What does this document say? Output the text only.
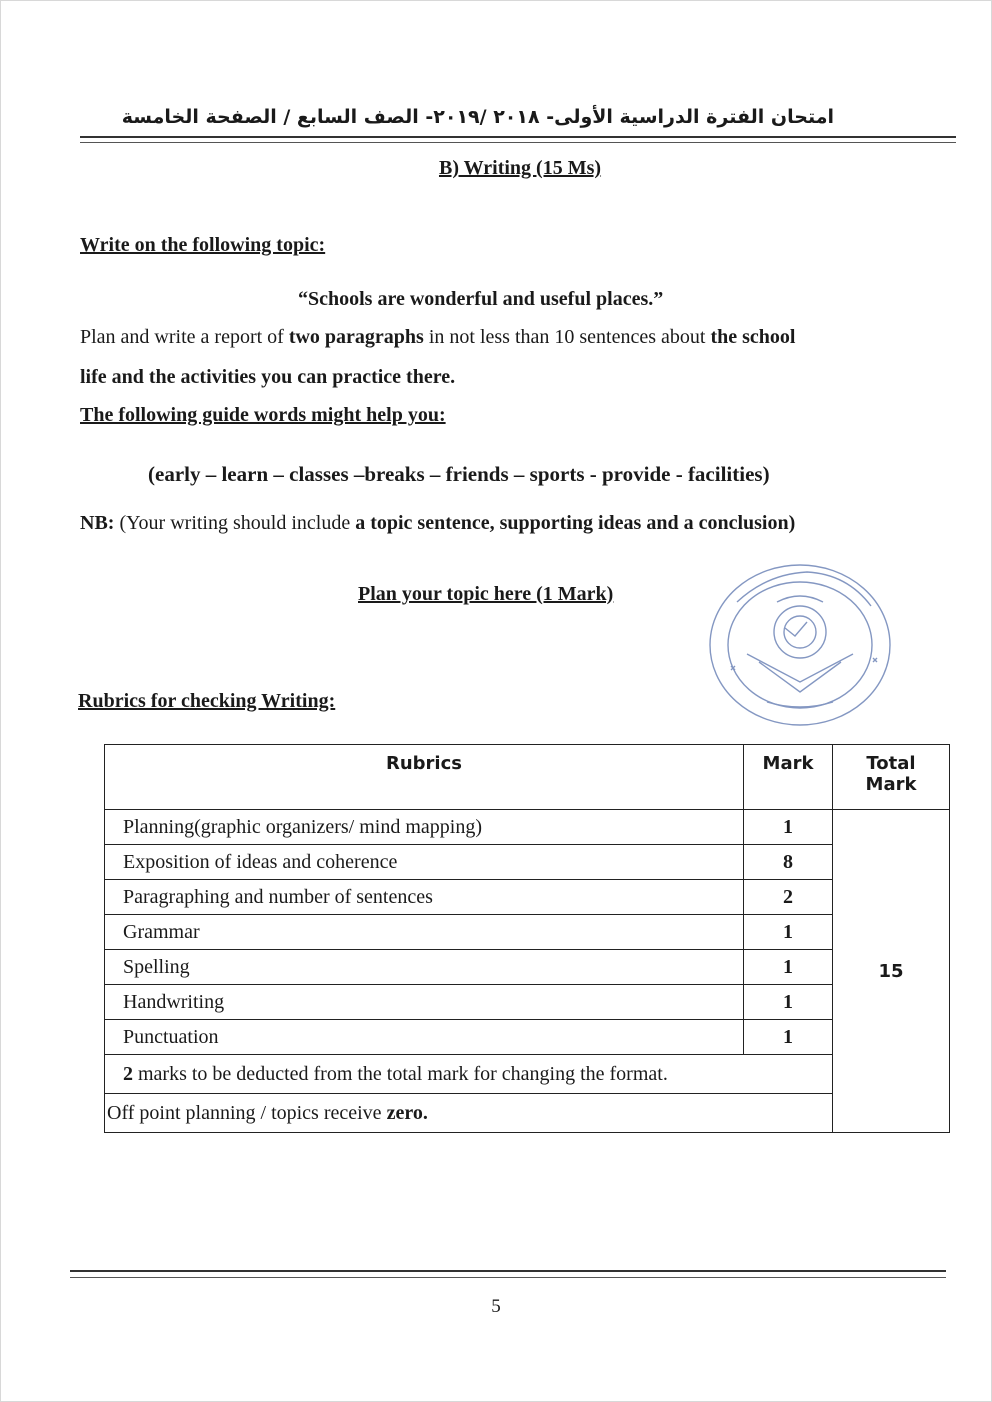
امتحان الفترة الدراسية الأولى- ٢٠١٨ /٢٠١٩- الصف السابع / الصفحة الخامسة
B) Writing (15 Ms)
Write on the following topic:
“Schools are wonderful and useful places.”
Plan and write a report of two paragraphs in not less than 10 sentences about the school
life and the activities you can practice there.
The following guide words might help you:
(early – learn – classes –breaks – friends – sports - provide - facilities)
NB: (Your writing should include a topic sentence, supporting ideas and a conclusion)
Plan your topic here (1 Mark)
Rubrics for checking Writing:
Rubrics	Mark	Total Mark
Planning(graphic organizers/ mind mapping)	1	15
Exposition of ideas and coherence	8	
Paragraphing and number of sentences	2	
Grammar	1	
Spelling	1	
Handwriting	1	
Punctuation	1	
2 marks to be deducted from the total mark for changing the format.		
Off point planning / topics receive zero.		
5
